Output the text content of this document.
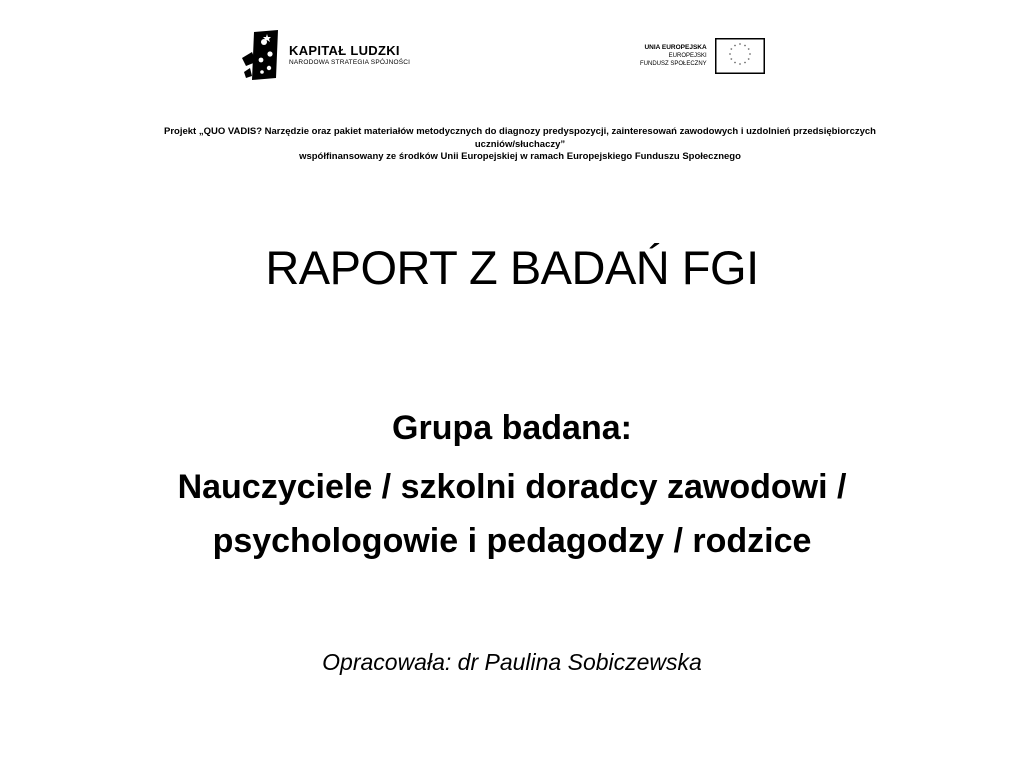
KAPITAŁ LUDZKI
NARODOWA STRATEGIA SPÓJNOŚCI
UNIA EUROPEJSKA
EUROPEJSKI
FUNDUSZ SPOŁECZNY
* *
*
*
*
*
*
*
*
*
*
*
Projekt „QUO VADIS? Narzędzie oraz pakiet materiałów metodycznych do diagnozy predyspozycji, zainteresowań zawodowych i uzdolnień przedsiębiorczych uczniów/słuchaczy”
współfinansowany ze środków Unii Europejskiej w ramach Europejskiego Funduszu Społecznego
RAPORT Z BADAŃ FGI
Grupa badana:
Nauczyciele / szkolni doradcy zawodowi / psychologowie i pedagodzy / rodzice
Opracowała: dr Paulina Sobiczewska
